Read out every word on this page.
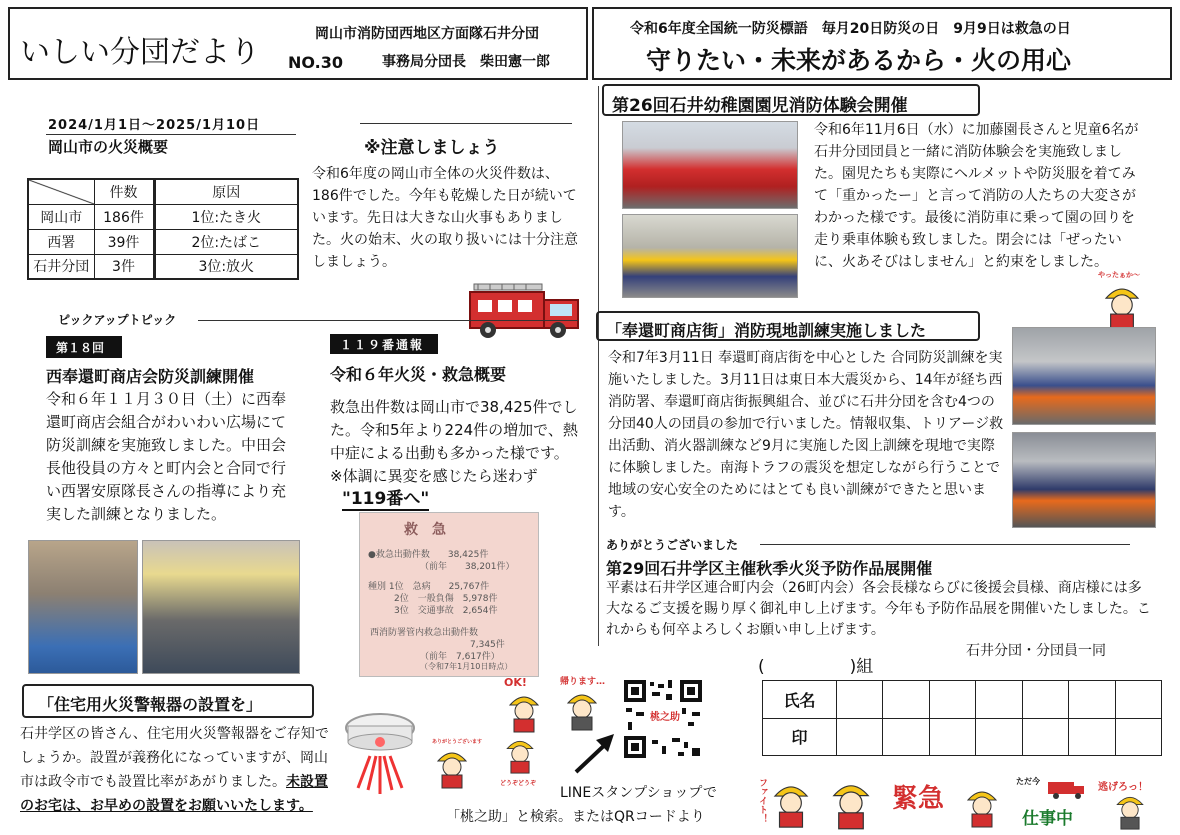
いしい分団だより NO.30
岡山市消防団西地区方面隊石井分団
事務局分団長　柴田憲一郎
令和6年度全国統一防災標語　毎月20日防災の日　9月9日は救急の日
守りたい・未来があるから・火の用心
2024/1月1日～2025/1月10日
岡山市の火災概要	※注意しましょう
令和6年度の岡山市全体の火災件数は、186件でした。今年も乾燥した日が続いています。先日は大きな山火事もありました。火の始末、火の取り扱いには十分注意しましょう。
	件数	原因
岡山市	186件	1位:たき火
西署	39件	2位:たばこ
石井分団	3件	3位:放火
ピックアップトピック
第１８回
西奉還町商店会防災訓練開催
令和６年１１月３０日（土）に西奉還町商店会組合がわいわい広場にて防災訓練を実施致しました。中田会長他役員の方々と町内会と合同で行い西署安原隊長さんの指導により充実した訓練となりました。
１１９番通報
令和６年火災・救急概要
救急出件数は岡山市で38,425件でした。令和5年より224件の増加で、熱中症による出動も多かった様です。※体調に異変を感じたら迷わず "119番へ"
救　急
●救急出動件数　　38,425件
（前年　　38,201件）
種別 1位　急病　　25,767件
2位　一般負傷　5,978件
3位　交通事故　2,654件
西消防署管内救急出動件数
7,345件
（前年　7,617件）
（令和7年1月10日時点）
「住宅用火災警報器の設置を」
石井学区の皆さん、住宅用火災警報器をご存知でしょうか。設置が義務化になっていますが、岡山市は政令市でも設置比率があがりました。未設置のお宅は、お早めの設置をお願いいたします。
ありがとうございます
OK!
どうぞどうぞ
帰ります…
桃之助
LINEスタンプショップで
「桃之助」と検索。またはQRコードより
第26回石井幼稚園園児消防体験会開催
令和6年11月6日（水）に加藤園長さんと児童6名が石井分団団員と一緒に消防体験会を実施致しました。園児たちも実際にヘルメットや防災服を着てみて「重かったー」と言って消防の人たちの大変さがわかった様です。最後に消防車に乗って園の回りを走り乗車体験も致しました。閉会には「ぜったいに、火あそびはしません」と約束をしました。
やったぁか～
「奉還町商店街」消防現地訓練実施しました
令和7年3月11日 奉還町商店街を中心とした 合同防災訓練を実施いたしました。3月11日は東日本大震災から、14年が経ち西消防署、奉還町商店街振興組合、並びに石井分団を含む4つの分団40人の団員の参加で行いました。情報収集、トリアージ救出活動、消火器訓練など9月に実施した図上訓練を現地で実際に体験しました。南海トラフの震災を想定しながら行うことで地域の安心安全のためにはとても良い訓練ができたと思います。
ありがとうございました
第29回石井学区主催秋季火災予防作品展開催
平素は石井学区連合町内会（26町内会）各会長様ならびに後援会員様、商店様には多大なるご支援を賜り厚く御礼申し上げます。今年も予防作品展を開催いたしました。これからも何卒よろしくお願い申し上げます。
石井分団・分団員一同
(　　　　　)組
氏名							
印							
ファイト！	緊急
ただ今
仕事中
逃げろっ！
